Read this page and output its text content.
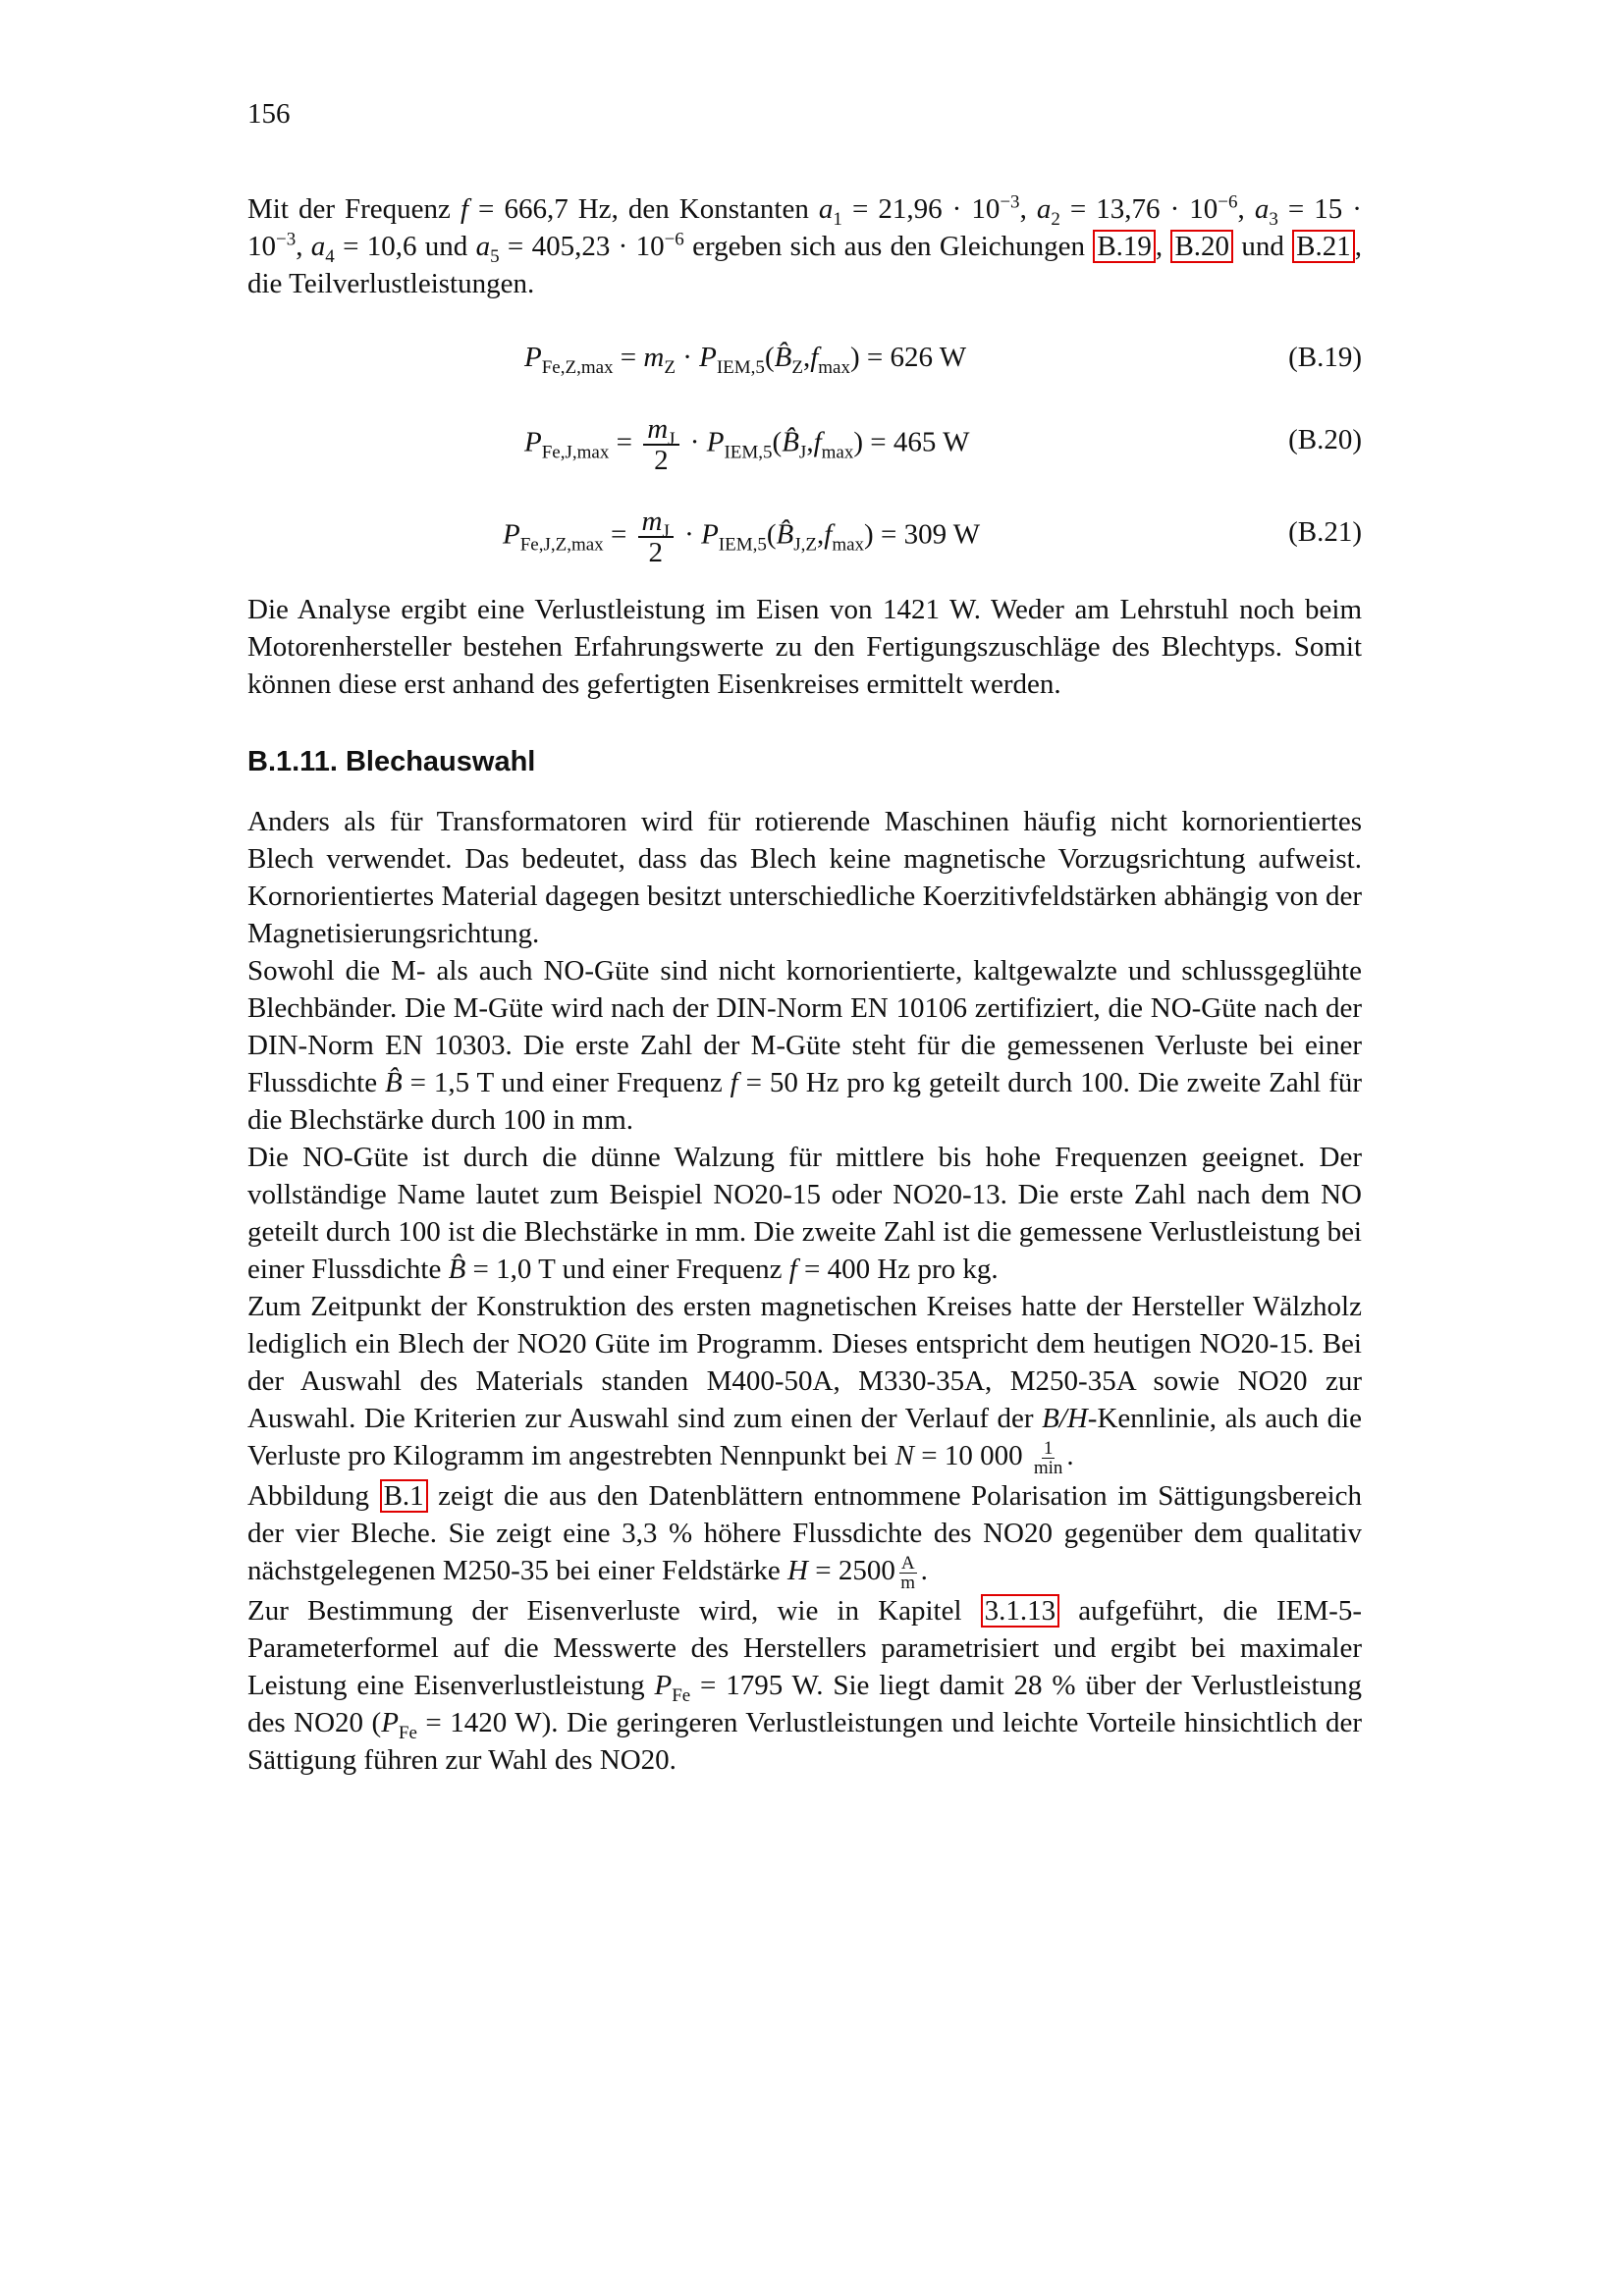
156
Mit der Frequenz f = 666,7 Hz, den Konstanten $a_1 = 21,96 \cdot 10^{-3}$, $a_2 = 13,76 \cdot 10^{-6}$, $a_3 = 15 \cdot 10^{-3}$, $a_4 = 10,6$ und $a_5 = 405,23 \cdot 10^{-6}$ ergeben sich aus den Gleichungen B.19 , B.20 und B.21 , die Teilverlustleistungen.
$P_{Fe,Z,max} = m_Z$ · $P_{IEM,5}(B̂_Z,f_{max}) = 626$ W	(B.19)
$P_{Fe,J,max} = \frac{m_J}{2}$ · $P_{IEM,5}(B̂_J,f_{max}) = 465$ W	(B.20)
$P_{Fe,J,Z,max} = \frac{m_J}{2}$ · $P_{IEM,5}(B̂_{J,Z},f_{max}) = 309$ W	(B.21)
Die Analyse ergibt eine Verlustleistung im Eisen von 1421 W. Weder am Lehrstuhl noch beim Motorenhersteller bestehen Erfahrungswerte zu den Fertigungszuschläge des Blechtyps. Somit können diese erst anhand des gefertigten Eisenkreises ermittelt werden.
B.1.11. Blechauswahl
Anders als für Transformatoren wird für rotierende Maschinen häufig nicht kornorientiertes Blech verwendet. Das bedeutet, dass das Blech keine magnetische Vorzugsrichtung aufweist. Kornorientiertes Material dagegen besitzt unterschiedliche Koerzitivfeldstärken abhängig von der Magnetisierungsrichtung.
Sowohl die M- als auch NO-Güte sind nicht kornorientierte, kaltgewalzte und schlussgeglühte Blechbänder. Die M-Güte wird nach der DIN-Norm EN 10106 zertifiziert, die NO-Güte nach der DIN-Norm EN 10303. Die erste Zahl der M-Güte steht für die gemessenen Verluste bei einer Flussdichte B̂ = 1,5 T und einer Frequenz f = 50 Hz pro kg geteilt durch 100. Die zweite Zahl für die Blechstärke durch 100 in mm.
Die NO-Güte ist durch die dünne Walzung für mittlere bis hohe Frequenzen geeignet. Der vollständige Name lautet zum Beispiel NO20-15 oder NO20-13. Die erste Zahl nach dem NO geteilt durch 100 ist die Blechstärke in mm. Die zweite Zahl ist die gemessene Verlustleistung bei einer Flussdichte B̂ = 1,0 T und einer Frequenz f = 400 Hz pro kg.
Zum Zeitpunkt der Konstruktion des ersten magnetischen Kreises hatte der Hersteller Wälzholz lediglich ein Blech der NO20 Güte im Programm. Dieses entspricht dem heutigen NO20-15. Bei der Auswahl des Materials standen M400-50A, M330-35A, M250-35A sowie NO20 zur Auswahl. Die Kriterien zur Auswahl sind zum einen der Verlauf der B/H-Kennlinie, als auch die Verluste pro Kilogramm im angestrebten Nennpunkt bei N = 10 $000 \frac{1}{\min}$ .
Abbildung B.1 zeigt die aus den Datenblättern entnommene Polarisation im Sättigungsbereich der vier Bleche. Sie zeigt eine 3,3 % höhere Flussdichte des NO20 gegenüber dem qualitativ nächstgelegenen M250-35 bei einer Feldstärke $H = 2500 \frac{A}{m}$ .
Zur Bestimmung der Eisenverluste wird, wie in Kapitel 3.1.13 aufgeführt, die IEM-5-Parameterformel auf die Messwerte des Herstellers parametrisiert und ergibt bei maximaler Leistung eine Eisenverlustleistung $P_{Fe} = 1795$ W. Sie liegt damit 28 % über der Verlustleistung des NO20 ($P_{Fe} = 1420$ W). Die geringeren Verlustleistungen und leichte Vorteile hinsichtlich der Sättigung führen zur Wahl des NO20.
